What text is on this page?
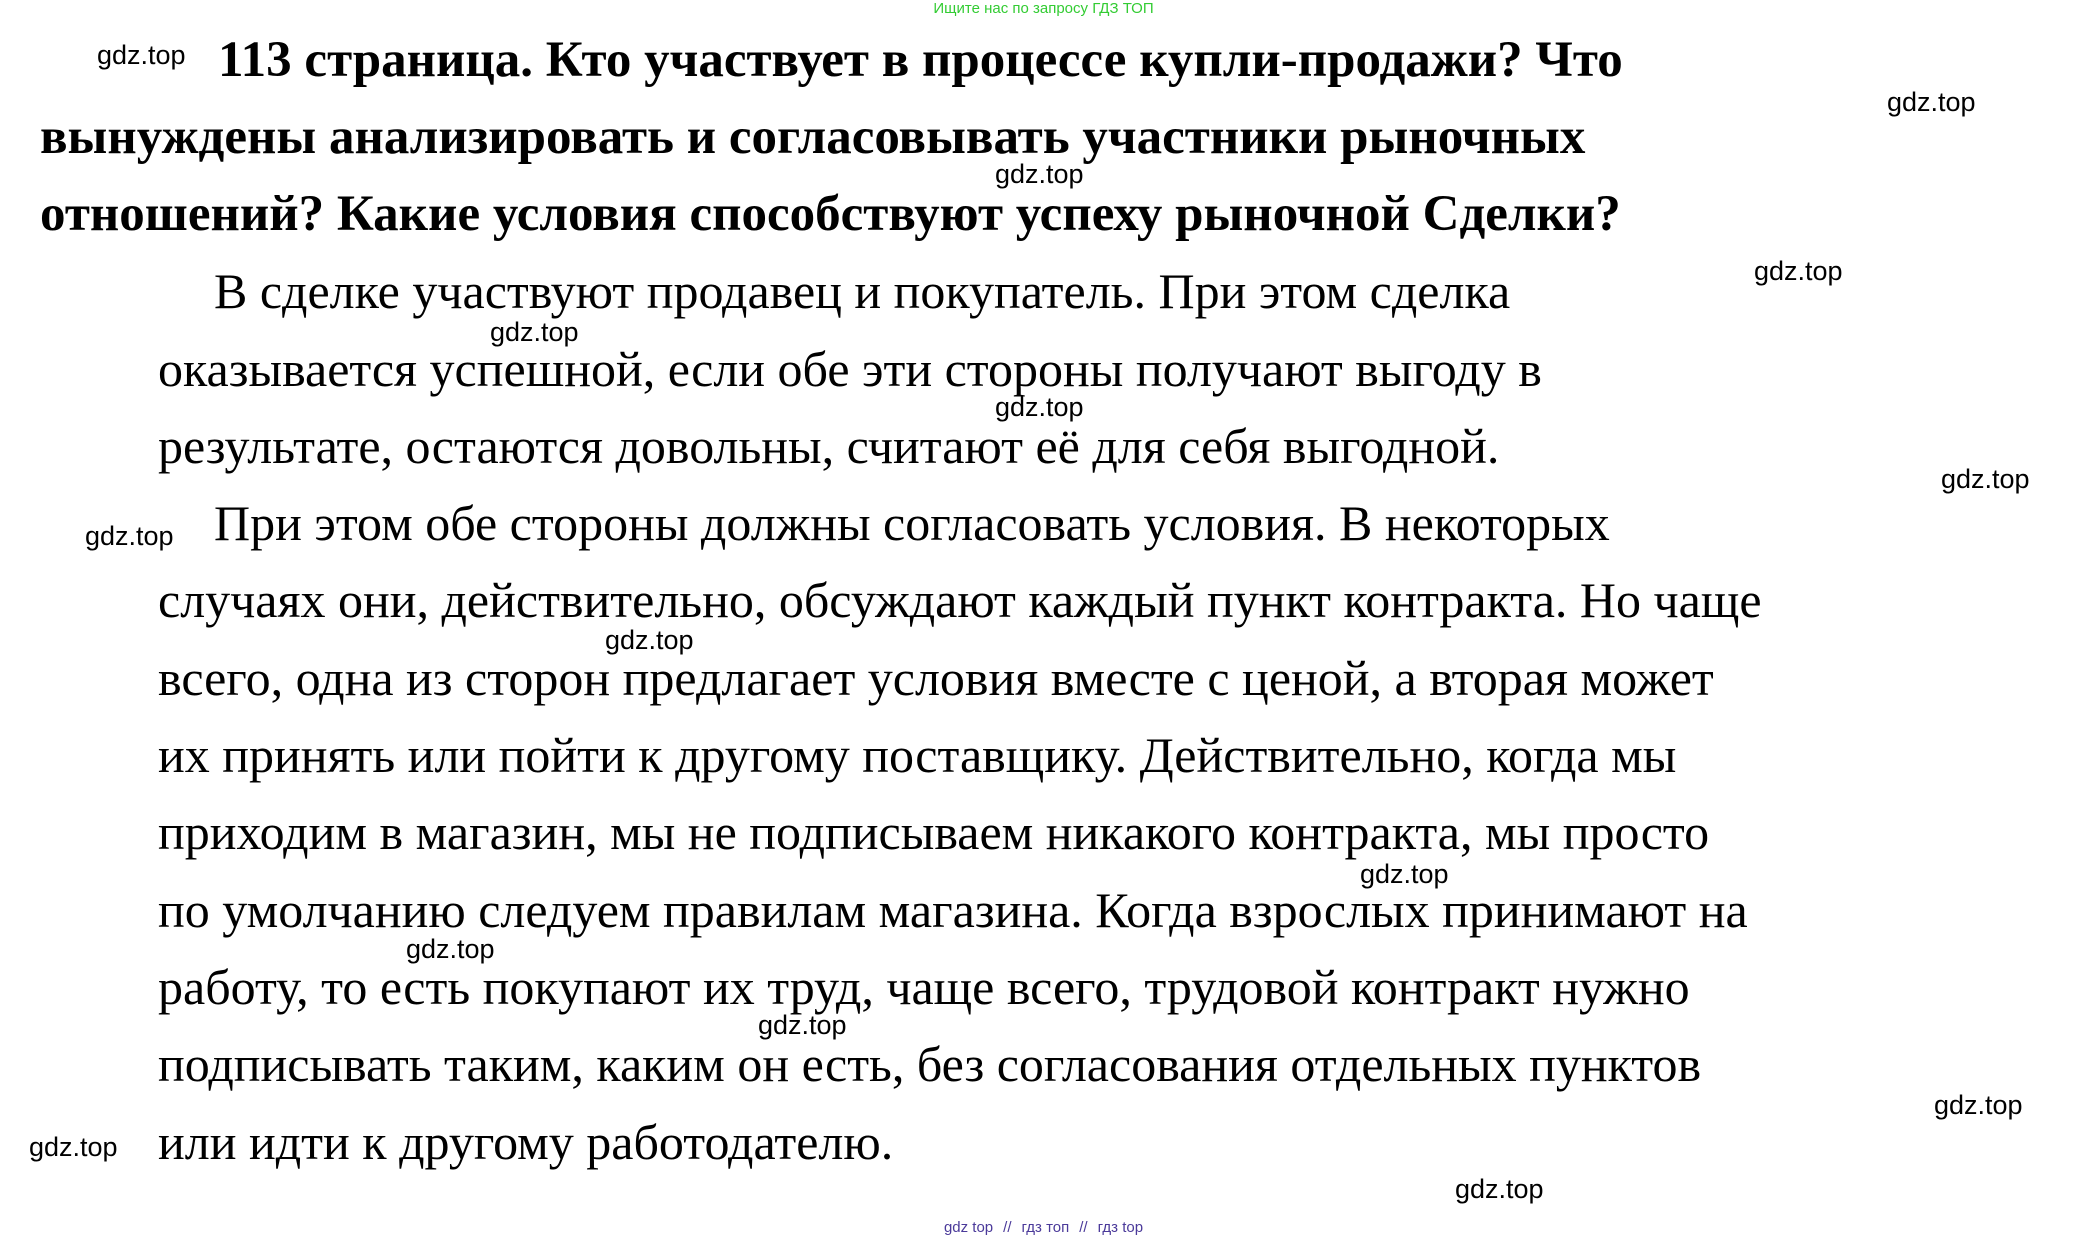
Ищите нас по запросу ГДЗ ТОП

113 страница. Кто участвует в процессе купли-продажи? Что

вынуждены анализировать и согласовывать участники рыночных

отношений? Какие условия способствуют успеху рыночной Сделки?

В сделке участвуют продавец и покупатель. При этом сделка

оказывается успешной, если обе эти стороны получают выгоду в

результате, остаются довольны, считают её для себя выгодной.

При этом обе стороны должны согласовать условия. В некоторых

случаях они, действительно, обсуждают каждый пункт контракта. Но чаще

всего, одна из сторон предлагает условия вместе с ценой, а вторая может

их принять или пойти к другому поставщику. Действительно, когда мы

приходим в магазин, мы не подписываем никакого контракта, мы просто

по умолчанию следуем правилам магазина. Когда взрослых принимают на

работу, то есть покупают их труд, чаще всего, трудовой контракт нужно

подписывать таким, каким он есть, без согласования отдельных пунктов

или идти к другому работодателю.

gdz.top
gdz.top
gdz.top
gdz.top
gdz.top
gdz.top
gdz.top
gdz.top
gdz.top
gdz.top
gdz.top
gdz.top
gdz.top
gdz.top
gdz.top
gdz top // гдз топ // гдз top
